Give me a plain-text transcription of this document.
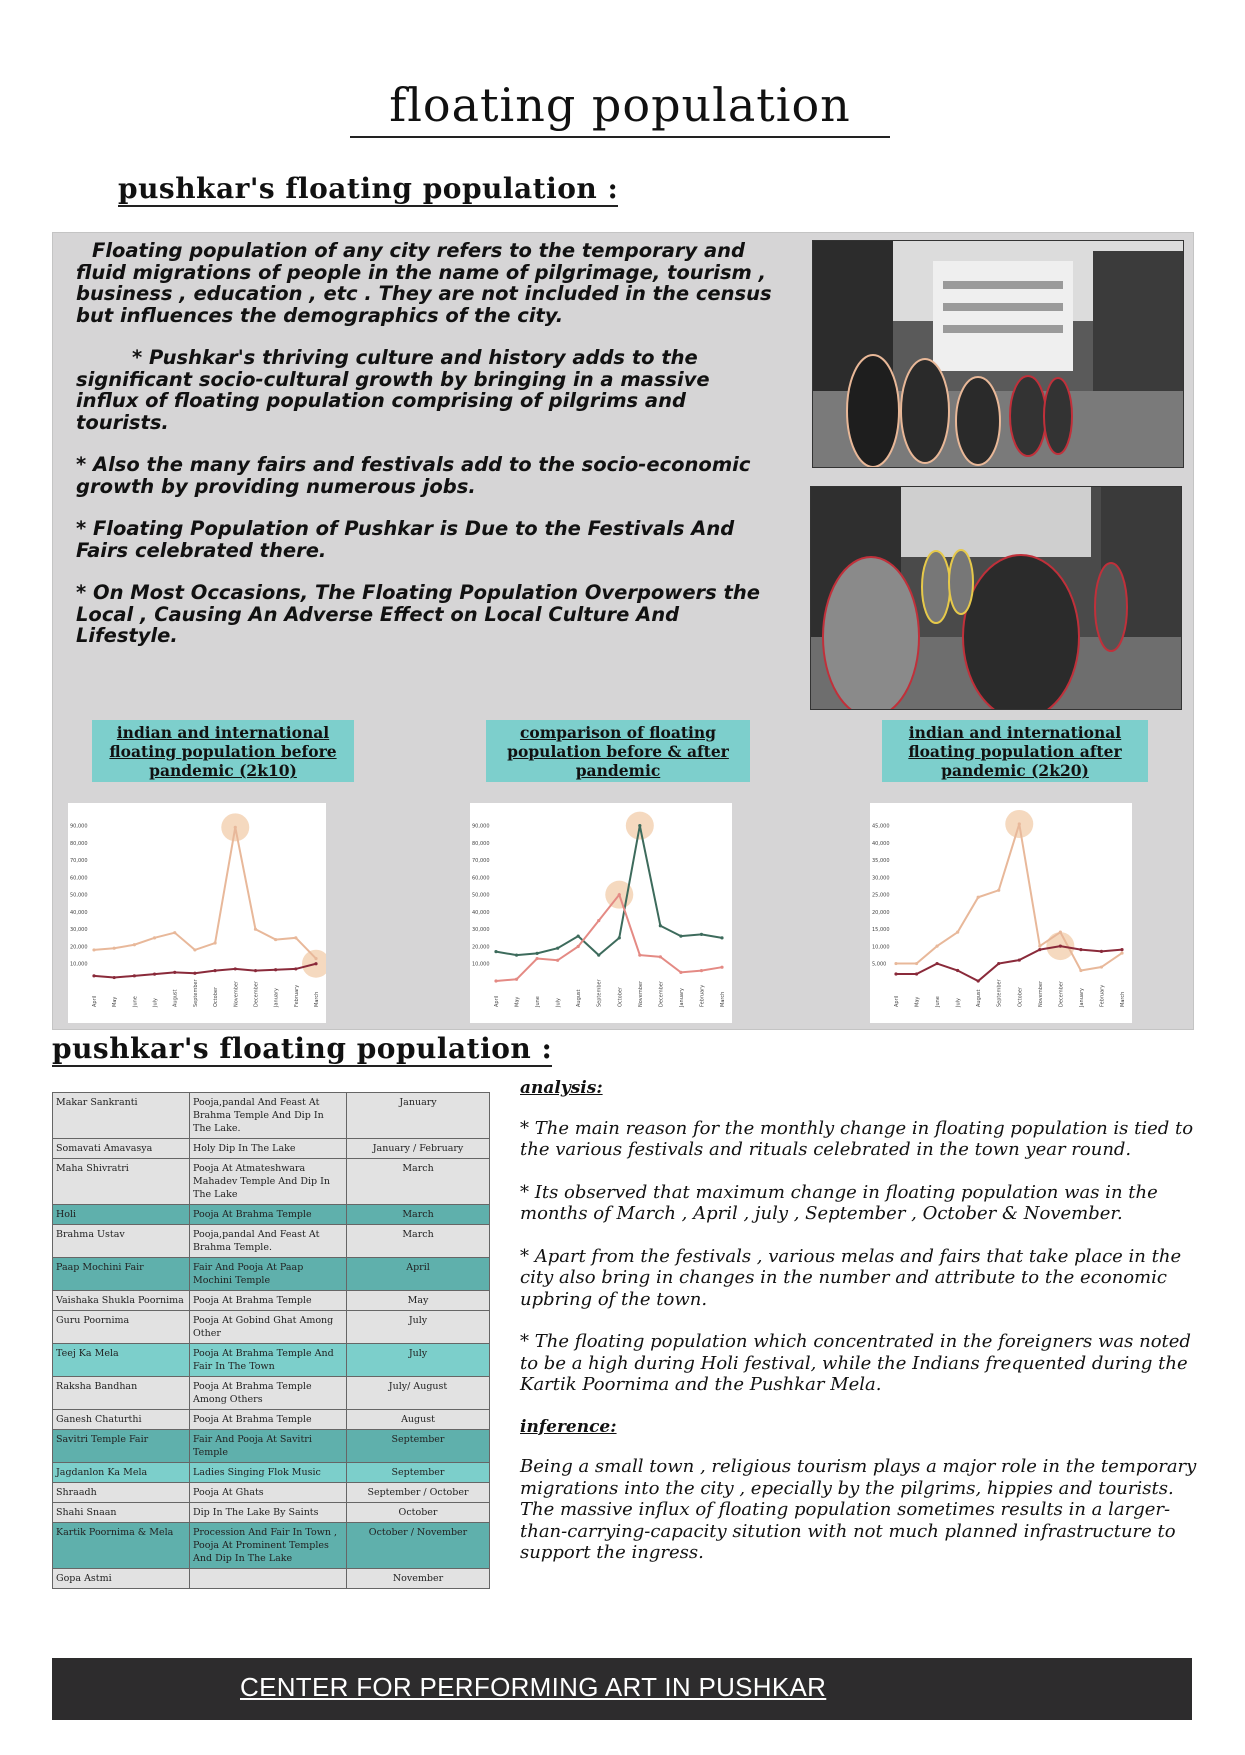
floating population
pushkar's floating population :

Floating population of any city refers to the temporary and fluid migrations of people in the name of pilgrimage, tourism , business , education , etc . They are not included in the census but influences the demographics of the city.

* Pushkar's thriving culture and history adds to the significant socio-cultural growth by bringing in a massive influx of floating population comprising of pilgrims and tourists.

* Also the many fairs and festivals add to the socio-economic growth by providing numerous jobs.

* Floating Population of Pushkar is Due to the Festivals And Fairs celebrated there.

* On Most Occasions, The Floating Population Overpowers the Local , Causing An Adverse Effect on Local Culture And Lifestyle.

indian and international floating population before pandemic (2k10)
comparison of floating population before & after pandemic
indian and international floating population after pandemic (2k20)
10,000
20,000
30,000
40,000
50,000
60,000
70,000
80,000
90,000
April	May	June	July	August	September	October	November	December	January	February	March
10,000
20,000
30,000
40,000
50,000
60,000
70,000
80,000
90,000
April	May	June	July	August	September	October	November	December	January	February	March
5,000
10,000
15,000
20,000
25,000
30,000
35,000
40,000
45,000
April	May	June	July	August	September	October	November	December	January	February	March
pushkar's floating population :
Makar Sankranti	Pooja,pandal And Feast At Brahma Temple And Dip In The Lake.	January
Somavati Amavasya	Holy Dip In The Lake	January / February
Maha Shivratri	Pooja At Atmateshwara Mahadev Temple And Dip In The Lake	March
Holi	Pooja At Brahma Temple	March
Brahma Ustav	Pooja,pandal And Feast At Brahma Temple.	March
Paap Mochini Fair	Fair And Pooja At Paap Mochini Temple	April
Vaishaka Shukla Poornima	Pooja At Brahma Temple	May
Guru Poornima	Pooja At Gobind Ghat Among Other	July
Teej Ka Mela	Pooja At Brahma Temple And Fair In The Town	July
Raksha Bandhan	Pooja At Brahma Temple Among Others	July/ August
Ganesh Chaturthi	Pooja At Brahma Temple	August
Savitri Temple Fair	Fair And Pooja At Savitri Temple	September
Jagdanlon Ka Mela	Ladies Singing Flok Music	September
Shraadh	Pooja At Ghats	September / October
Shahi Snaan	Dip In The Lake By Saints	October
Kartik Poornima & Mela	Procession And Fair In Town , Pooja At Prominent Temples And Dip In The Lake	October / November
Gopa Astmi		November
analysis:

* The main reason for the monthly change in floating population is tied to the various festivals and rituals celebrated in the town year round.

* Its observed that maximum change in floating population was in the months of March , April , july , September , October & November.

* Apart from the festivals , various melas and fairs that take place in the city also bring in changes in the number and attribute to the economic upbring of the town.

* The floating population which concentrated in the foreigners was noted to be a high during Holi festival, while the Indians frequented during the Kartik Poornima and the Pushkar Mela.

inference:

Being a small town , religious tourism plays a major role in the temporary migrations into the city , epecially by the pilgrims, hippies and tourists. The massive influx of floating population sometimes results in a larger-than-carrying-capacity sitution with not much planned infrastructure to support the ingress.

CENTER FOR PERFORMING ART IN PUSHKAR
